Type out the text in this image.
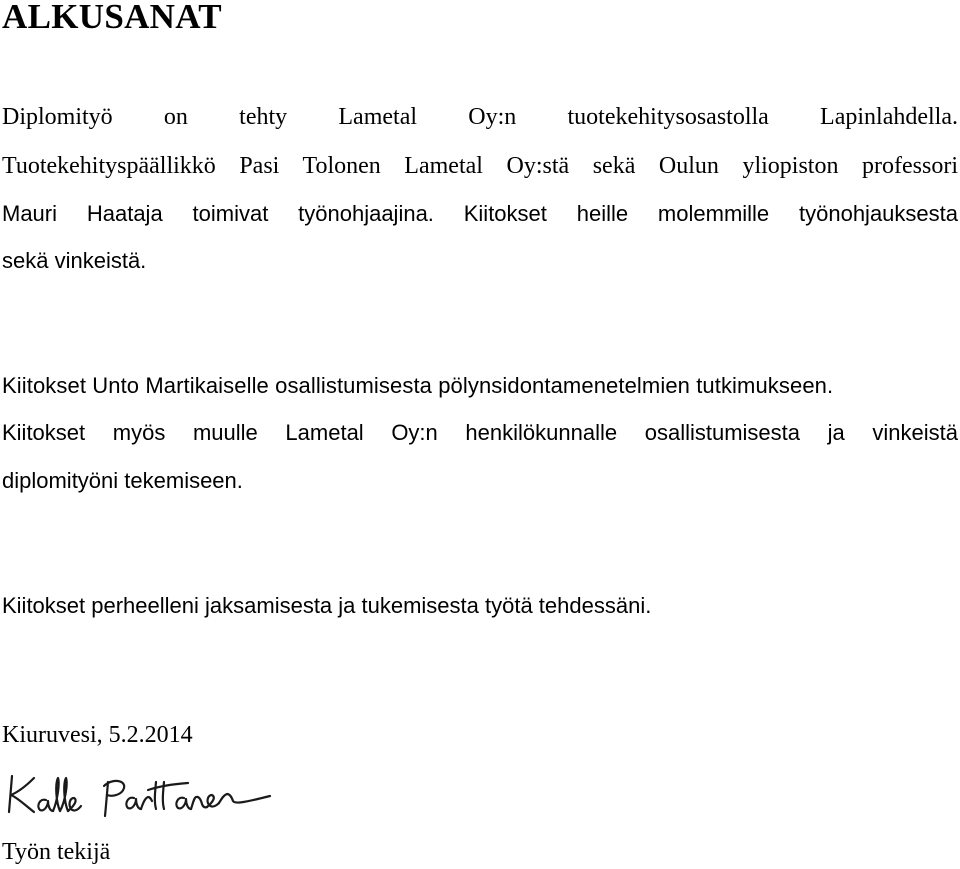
ALKUSANAT

Diplomityö on tehty Lametal Oy:n tuotekehitysosastolla Lapinlahdella.

Tuotekehityspäällikkö Pasi Tolonen Lametal Oy:stä sekä Oulun yliopiston professori

Mauri Haataja toimivat työnohjaajina. Kiitokset heille molemmille työnohjauksesta

sekä vinkeistä.

Kiitokset Unto Martikaiselle osallistumisesta pölynsidontamenetelmien tutkimukseen.

Kiitokset myös muulle Lametal Oy:n henkilökunnalle osallistumisesta ja vinkeistä

diplomityöni tekemiseen.

Kiitokset perheelleni jaksamisesta ja tukemisesta työtä tehdessäni.

Kiuruvesi, 5.2.2014

Työn tekijä
